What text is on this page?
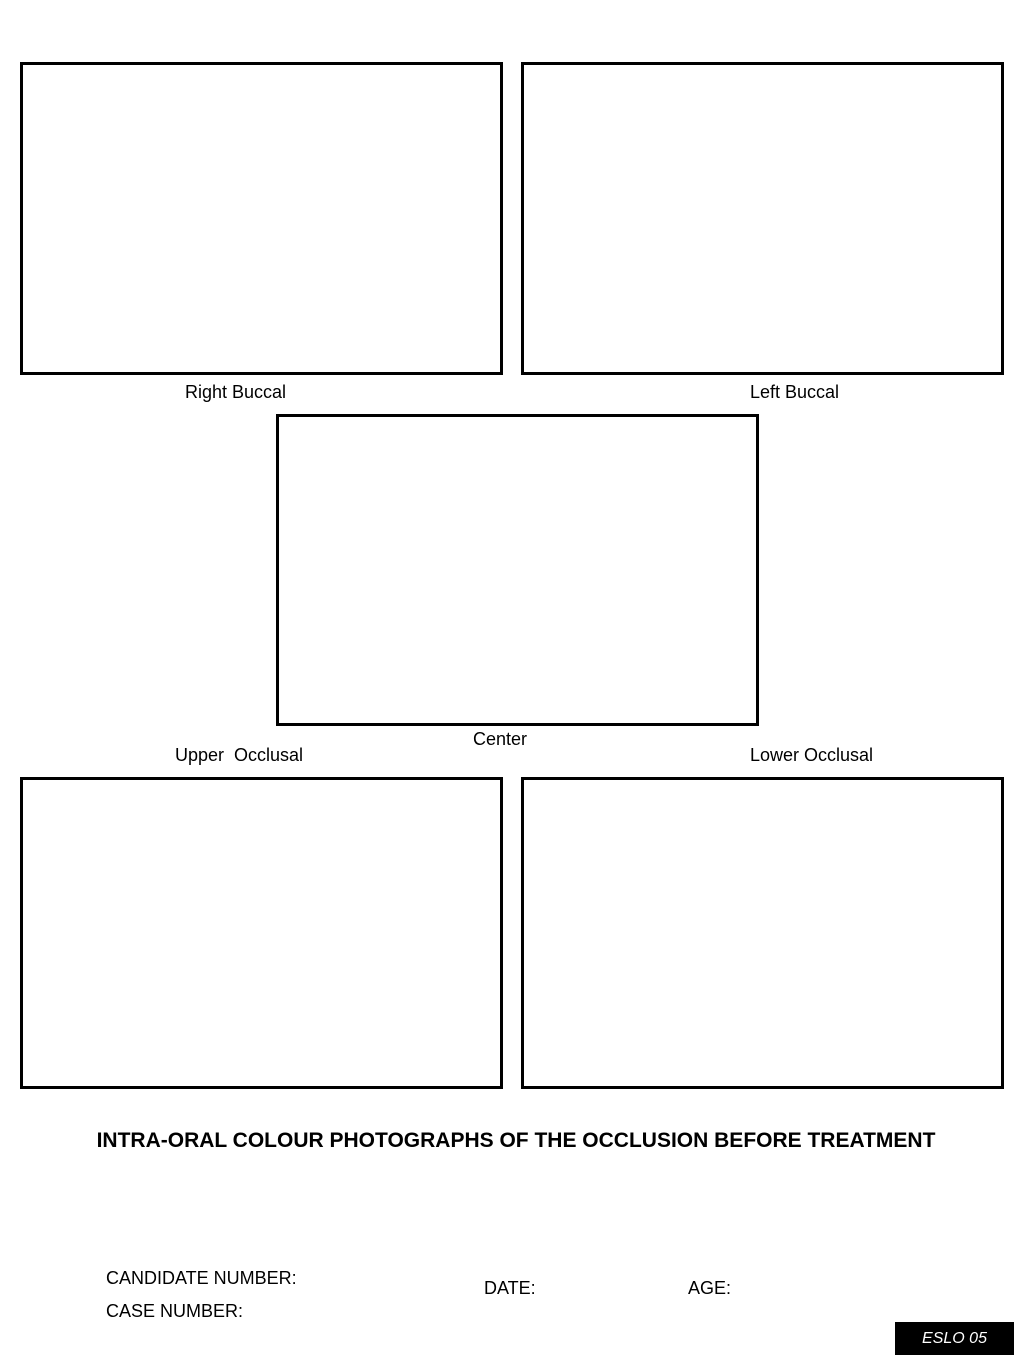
Right Buccal	Left Buccal
Center
Upper  Occlusal	Lower Occlusal
INTRA-ORAL COLOUR PHOTOGRAPHS OF THE OCCLUSION BEFORE TREATMENT
CANDIDATE NUMBER:
CASE NUMBER:
DATE:	AGE:
ESLO 05
